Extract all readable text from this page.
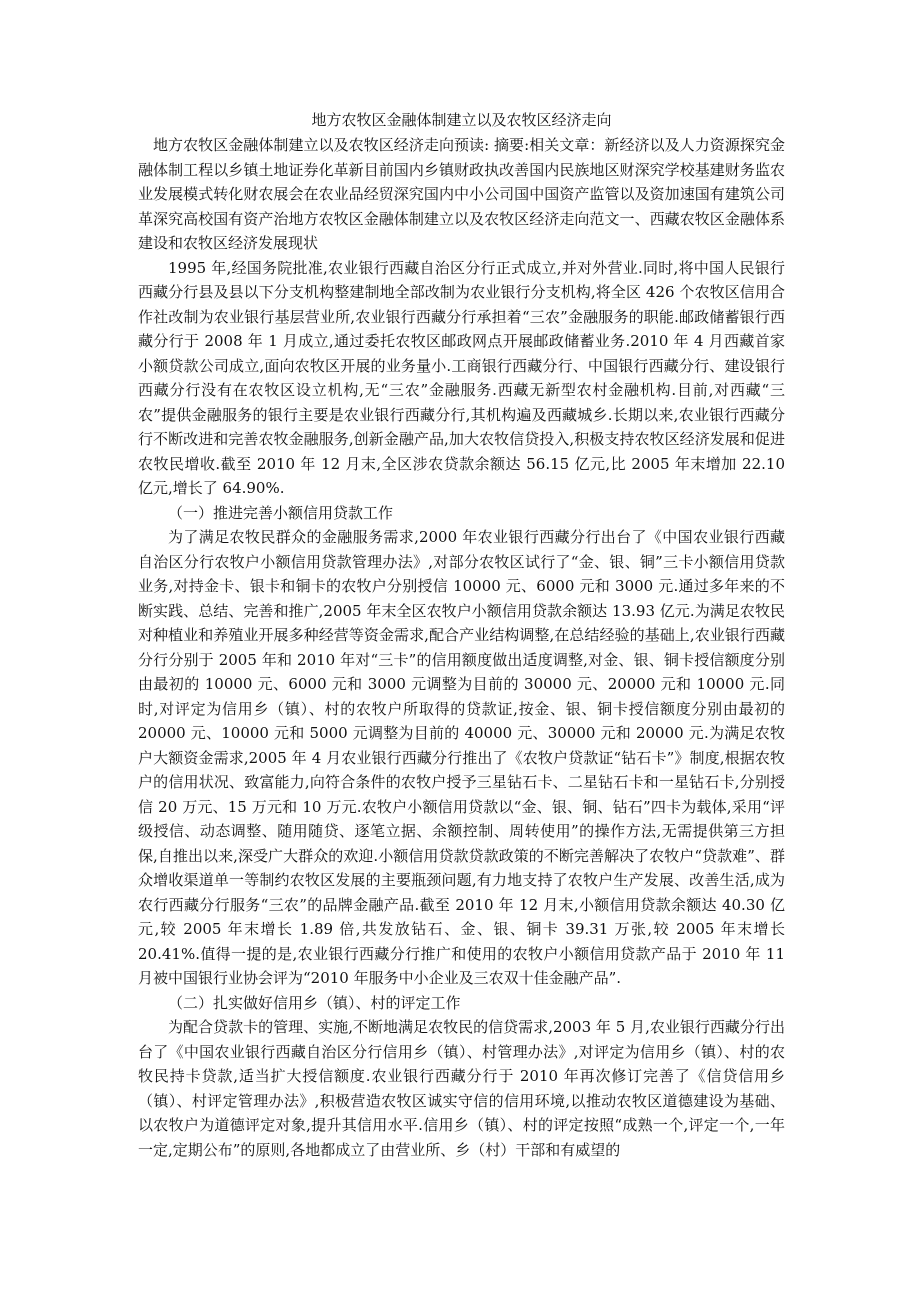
地方农牧区金融体制建立以及农牧区经济走向

地方农牧区金融体制建立以及农牧区经济走向预读: 摘要:相关文章：新经济以及人力资源探究金融体制工程以乡镇土地证券化革新目前国内乡镇财政执改善国内民族地区财深究学校基建财务监农业发展模式转化财农展会在农业品经贸深究国内中小公司国中国资产监管以及资加速国有建筑公司革深究高校国有资产治地方农牧区金融体制建立以及农牧区经济走向范文一、西藏农牧区金融体系建设和农牧区经济发展现状

1995 年,经国务院批准,农业银行西藏自治区分行正式成立,并对外营业.同时,将中国人民银行西藏分行县及县以下分支机构整建制地全部改制为农业银行分支机构,将全区 426 个农牧区信用合作社改制为农业银行基层营业所,农业银行西藏分行承担着“三农”金融服务的职能.邮政储蓄银行西藏分行于 2008 年 1 月成立,通过委托农牧区邮政网点开展邮政储蓄业务.2010 年 4 月西藏首家小额贷款公司成立,面向农牧区开展的业务量小.工商银行西藏分行、中国银行西藏分行、建设银行西藏分行没有在农牧区设立机构,无“三农”金融服务.西藏无新型农村金融机构.目前,对西藏“三农”提供金融服务的银行主要是农业银行西藏分行,其机构遍及西藏城乡.长期以来,农业银行西藏分行不断改进和完善农牧金融服务,创新金融产品,加大农牧信贷投入,积极支持农牧区经济发展和促进农牧民增收.截至 2010 年 12 月末,全区涉农贷款余额达 56.15 亿元,比 2005 年末增加 22.10 亿元,增长了 64.90%.

（一）推进完善小额信用贷款工作

为了满足农牧民群众的金融服务需求,2000 年农业银行西藏分行出台了《中国农业银行西藏自治区分行农牧户小额信用贷款管理办法》,对部分农牧区试行了“金、银、铜”三卡小额信用贷款业务,对持金卡、银卡和铜卡的农牧户分别授信 10000 元、6000 元和 3000 元.通过多年来的不断实践、总结、完善和推广,2005 年末全区农牧户小额信用贷款余额达 13.93 亿元.为满足农牧民对种植业和养殖业开展多种经营等资金需求,配合产业结构调整,在总结经验的基础上,农业银行西藏分行分别于 2005 年和 2010 年对“三卡”的信用额度做出适度调整,对金、银、铜卡授信额度分别由最初的 10000 元、6000 元和 3000 元调整为目前的 30000 元、20000 元和 10000 元.同时,对评定为信用乡（镇）、村的农牧户所取得的贷款证,按金、银、铜卡授信额度分别由最初的 20000 元、10000 元和 5000 元调整为目前的 40000 元、30000 元和 20000 元.为满足农牧户大额资金需求,2005 年 4 月农业银行西藏分行推出了《农牧户贷款证“钻石卡”》制度,根据农牧户的信用状况、致富能力,向符合条件的农牧户授予三星钻石卡、二星钻石卡和一星钻石卡,分别授信 20 万元、15 万元和 10 万元.农牧户小额信用贷款以“金、银、铜、钻石”四卡为载体,采用“评级授信、动态调整、随用随贷、逐笔立据、余额控制、周转使用”的操作方法,无需提供第三方担保,自推出以来,深受广大群众的欢迎.小额信用贷款贷款政策的不断完善解决了农牧户“贷款难”、群众增收渠道单一等制约农牧区发展的主要瓶颈问题,有力地支持了农牧户生产发展、改善生活,成为农行西藏分行服务“三农”的品牌金融产品.截至 2010 年 12 月末,小额信用贷款余额达 40.30 亿元,较 2005 年末增长 1.89 倍,共发放钻石、金、银、铜卡 39.31 万张,较 2005 年末增长 20.41%.值得一提的是,农业银行西藏分行推广和使用的农牧户小额信用贷款产品于 2010 年 11 月被中国银行业协会评为“2010 年服务中小企业及三农双十佳金融产品”.

（二）扎实做好信用乡（镇）、村的评定工作

为配合贷款卡的管理、实施,不断地满足农牧民的信贷需求,2003 年 5 月,农业银行西藏分行出台了《中国农业银行西藏自治区分行信用乡（镇）、村管理办法》,对评定为信用乡（镇）、村的农牧民持卡贷款,适当扩大授信额度.农业银行西藏分行于 2010 年再次修订完善了《信贷信用乡（镇）、村评定管理办法》,积极营造农牧区诚实守信的信用环境,以推动农牧区道德建设为基础、以农牧户为道德评定对象,提升其信用水平.信用乡（镇）、村的评定按照“成熟一个,评定一个,一年一定,定期公布”的原则,各地都成立了由营业所、乡（村）干部和有威望的
